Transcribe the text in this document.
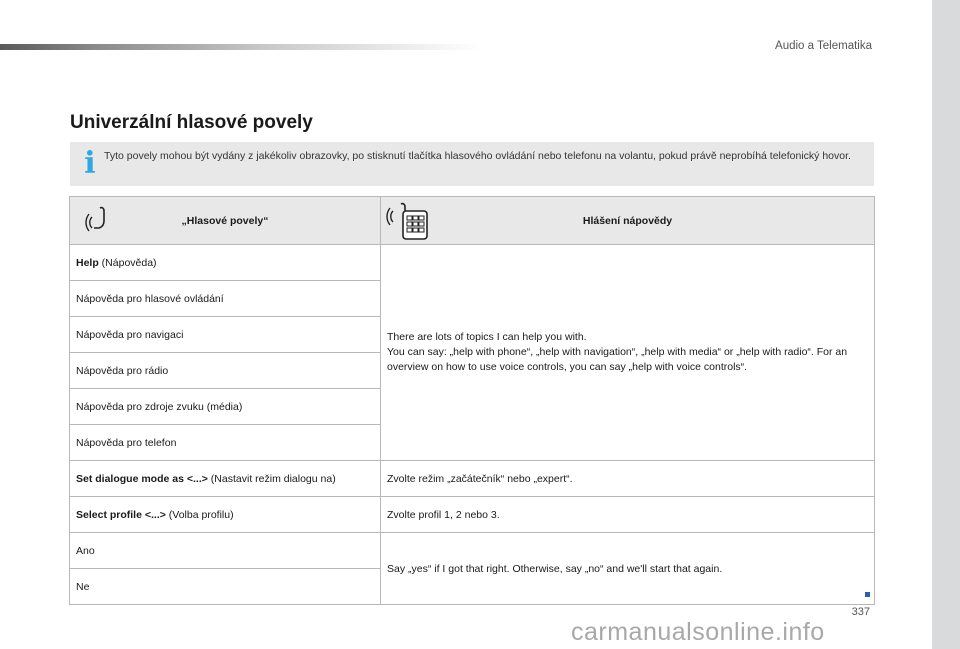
Audio a Telematika
Univerzální hlasové povely
i Tyto povely mohou být vydány z jakékoliv obrazovky, po stisknutí tlačítka hlasového ovládání nebo telefonu na volantu, pokud právě neprobíhá telefonický hovor.
„Hlasové povely“	Hlášení nápovědy
Help (Nápověda)	There are lots of topics I can help you with.
You can say: „help with phone“, „help with navigation“, „help with media“ or „help with radio“. For an overview on how to use voice controls, you can say „help with voice controls“.

Nápověda pro hlasové ovládání	
Nápověda pro navigaci	
Nápověda pro rádio	
Nápověda pro zdroje zvuku (média)	
Nápověda pro telefon	
Set dialogue mode as <...> (Nastavit režim dialogu na)	Zvolte režim „začátečník“ nebo „expert“.
Select profile <...> (Volba profilu)	Zvolte profil 1, 2 nebo 3.
Ano	Say „yes“ if I got that right. Otherwise, say „no“ and we'll start that again.
Ne	
337
carmanualsonline.info
